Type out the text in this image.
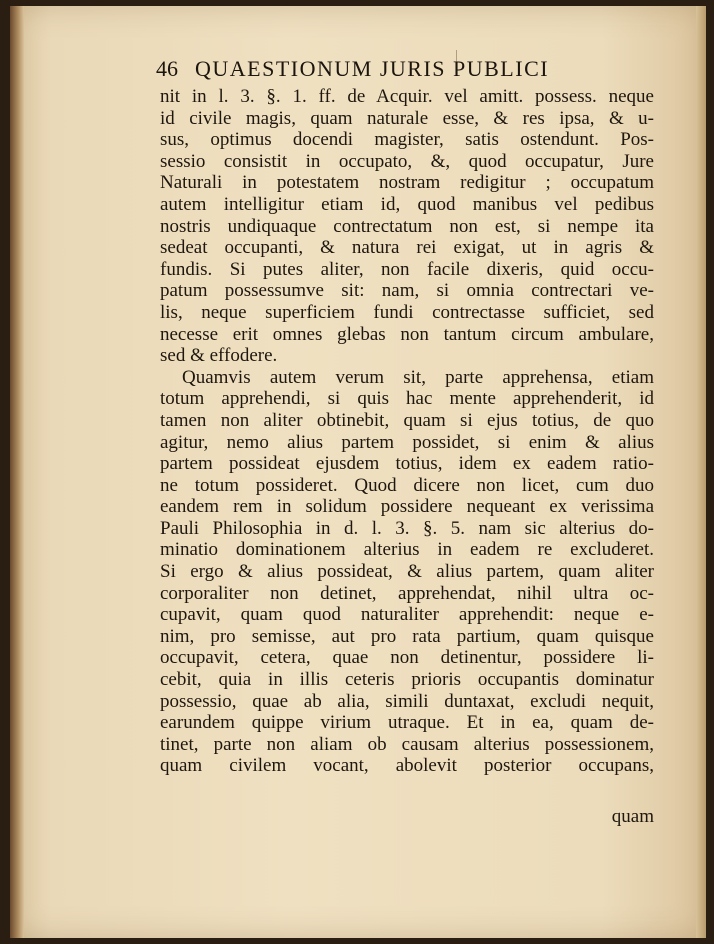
46 QUAESTIONUM JURIS PUBLICI
nit in l. 3. §. 1. ff. de Acquir. vel amitt. possess. neque
id civile magis, quam naturale esse, & res ipsa, & u-
sus, optimus docendi magister, satis ostendunt. Pos-
sessio consistit in occupato, &, quod occupatur, Jure
Naturali in potestatem nostram redigitur ; occupatum
autem intelligitur etiam id, quod manibus vel pedibus
nostris undiquaque contrectatum non est, si nempe ita
sedeat occupanti, & natura rei exigat, ut in agris &
fundis. Si putes aliter, non facile dixeris, quid occu-
patum possessumve sit: nam, si omnia contrectari ve-
lis, neque superficiem fundi contrectasse sufficiet, sed
necesse erit omnes glebas non tantum circum ambulare,
sed & effodere.
Quamvis autem verum sit, parte apprehensa, etiam
totum apprehendi, si quis hac mente apprehenderit, id
tamen non aliter obtinebit, quam si ejus totius, de quo
agitur, nemo alius partem possidet, si enim & alius
partem possideat ejusdem totius, idem ex eadem ratio-
ne totum possideret. Quod dicere non licet, cum duo
eandem rem in solidum possidere nequeant ex verissima
Pauli Philosophia in d. l. 3. §. 5. nam sic alterius do-
minatio dominationem alterius in eadem re excluderet.
Si ergo & alius possideat, & alius partem, quam aliter
corporaliter non detinet, apprehendat, nihil ultra oc-
cupavit, quam quod naturaliter apprehendit: neque e-
nim, pro semisse, aut pro rata partium, quam quisque
occupavit, cetera, quae non detinentur, possidere li-
cebit, quia in illis ceteris prioris occupantis dominatur
possessio, quae ab alia, simili duntaxat, excludi nequit,
earundem quippe virium utraque. Et in ea, quam de-
tinet, parte non aliam ob causam alterius possessionem,
quam civilem vocant, abolevit posterior occupans,
quam
